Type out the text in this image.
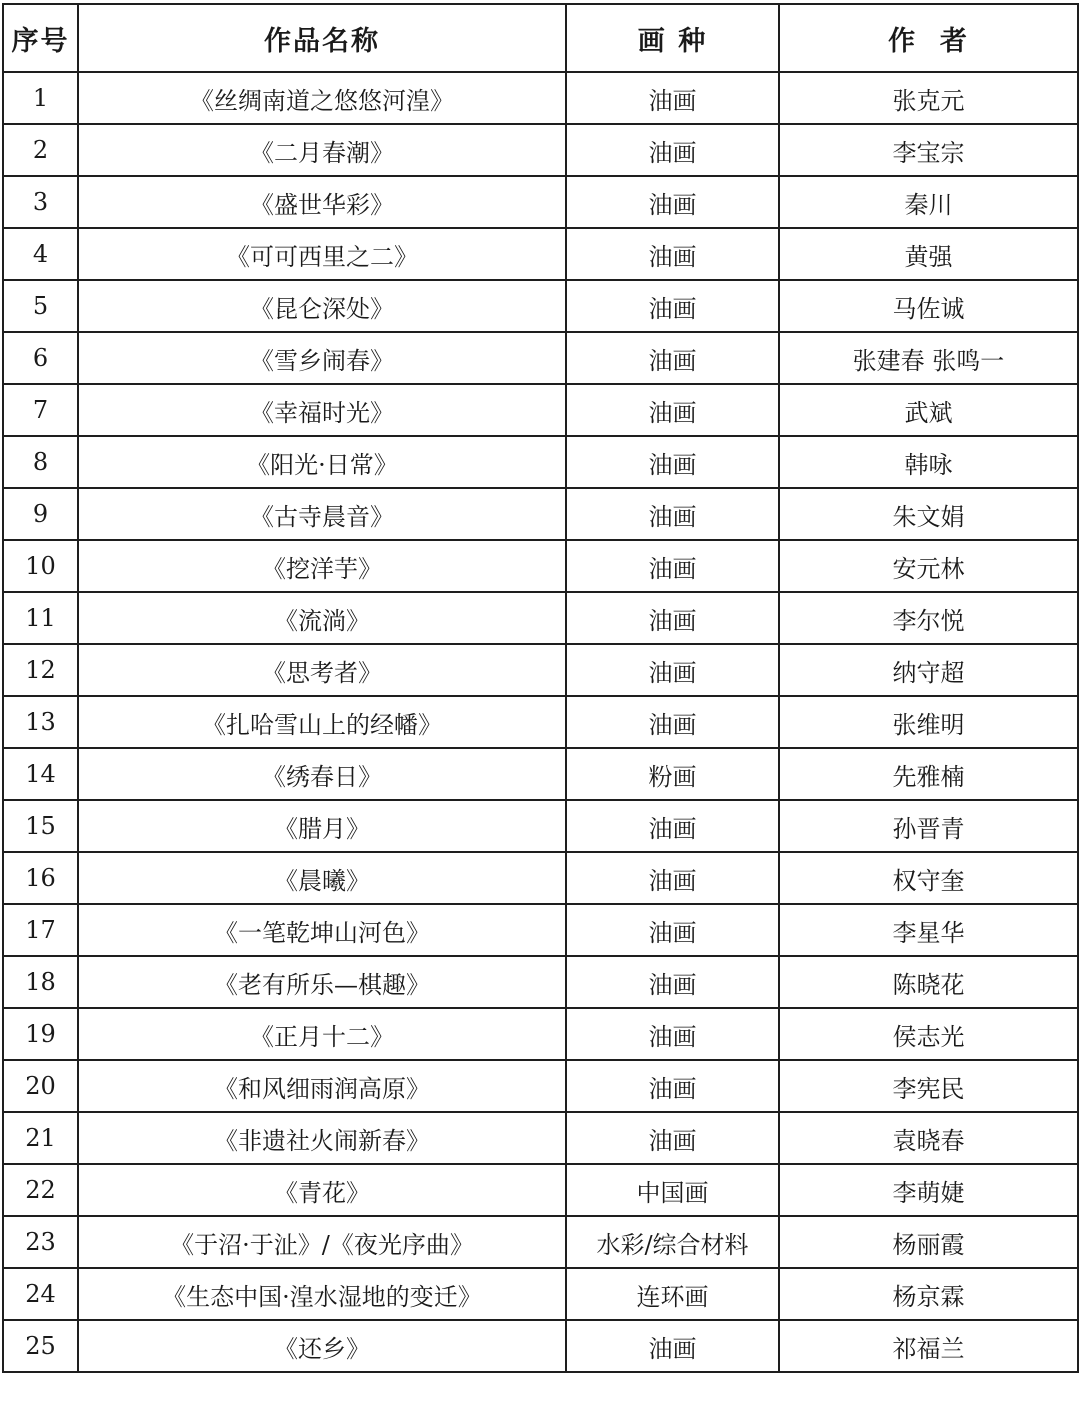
序号	作品名称	画 种	作  者
1	《丝绸南道之悠悠河湟》	油画	张克元
2	《二月春潮》	油画	李宝宗
3	《盛世华彩》	油画	秦川
4	《可可西里之二》	油画	黄强
5	《昆仑深处》	油画	马佐诚
6	《雪乡闹春》	油画	张建春 张鸣一
7	《幸福时光》	油画	武斌
8	《阳光·日常》	油画	韩咏
9	《古寺晨音》	油画	朱文娟
10	《挖洋芋》	油画	安元林
11	《流淌》	油画	李尔悦
12	《思考者》	油画	纳守超
13	《扎哈雪山上的经幡》	油画	张维明
14	《绣春日》	粉画	先雅楠
15	《腊月》	油画	孙晋青
16	《晨曦》	油画	权守奎
17	《一笔乾坤山河色》	油画	李星华
18	《老有所乐—棋趣》	油画	陈晓花
19	《正月十二》	油画	侯志光
20	《和风细雨润高原》	油画	李宪民
21	《非遗社火闹新春》	油画	袁晓春
22	《青花》	中国画	李萌婕
23	《于沼·于沚》/《夜光序曲》	水彩/综合材料	杨丽霞
24	《生态中国·湟水湿地的变迁》	连环画	杨京霖
25	《还乡》	油画	祁福兰
